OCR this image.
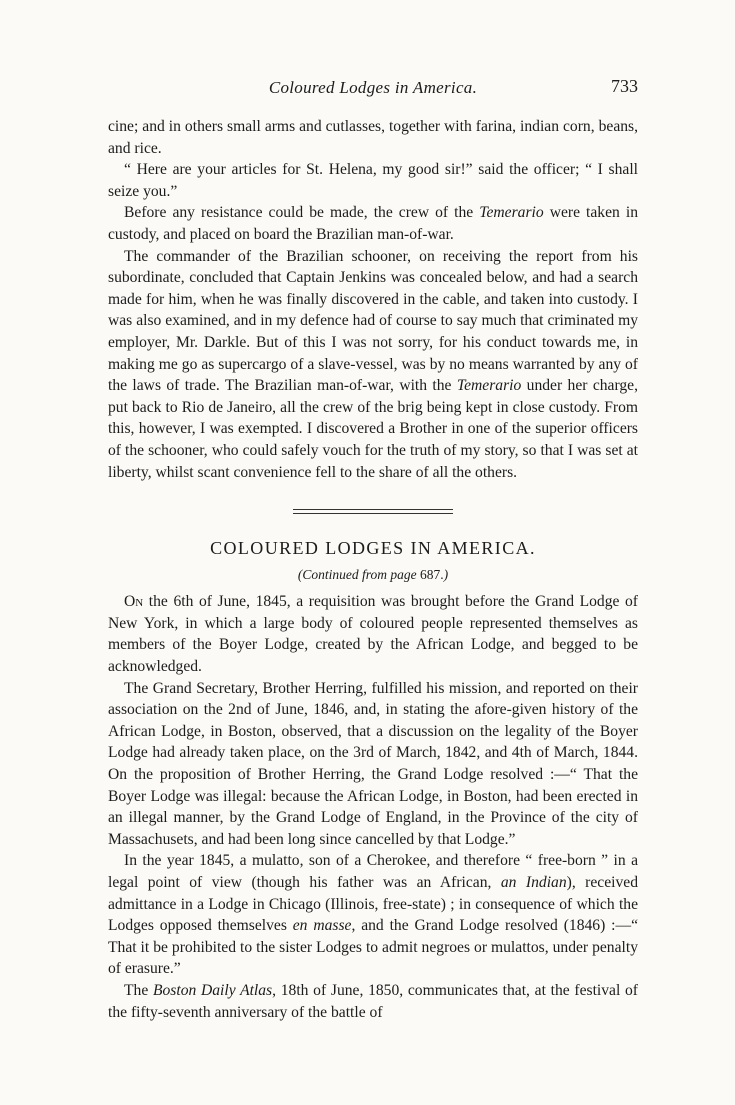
Coloured Lodges in America.	733

cine; and in others small arms and cutlasses, together with farina, indian corn, beans, and rice.

“ Here are your articles for St. Helena, my good sir!” said the officer; “ I shall seize you.”

Before any resistance could be made, the crew of the Temerario were taken in custody, and placed on board the Brazilian man-of-war.

The commander of the Brazilian schooner, on receiving the report from his subordinate, concluded that Captain Jenkins was concealed below, and had a search made for him, when he was finally discovered in the cable, and taken into custody. I was also examined, and in my defence had of course to say much that criminated my employer, Mr. Darkle. But of this I was not sorry, for his conduct towards me, in making me go as supercargo of a slave-vessel, was by no means warranted by any of the laws of trade. The Brazilian man-of-war, with the Temerario under her charge, put back to Rio de Janeiro, all the crew of the brig being kept in close custody. From this, however, I was exempted. I discovered a Brother in one of the superior officers of the schooner, who could safely vouch for the truth of my story, so that I was set at liberty, whilst scant convenience fell to the share of all the others.

COLOURED LODGES IN AMERICA.
(Continued from page 687.)

On the 6th of June, 1845, a requisition was brought before the Grand Lodge of New York, in which a large body of coloured people represented themselves as members of the Boyer Lodge, created by the African Lodge, and begged to be acknowledged.

The Grand Secretary, Brother Herring, fulfilled his mission, and reported on their association on the 2nd of June, 1846, and, in stating the afore-given history of the African Lodge, in Boston, observed, that a discussion on the legality of the Boyer Lodge had already taken place, on the 3rd of March, 1842, and 4th of March, 1844. On the proposition of Brother Herring, the Grand Lodge resolved :—“ That the Boyer Lodge was illegal: because the African Lodge, in Boston, had been erected in an illegal manner, by the Grand Lodge of England, in the Province of the city of Massachusets, and had been long since cancelled by that Lodge.”

In the year 1845, a mulatto, son of a Cherokee, and therefore “ free-born ” in a legal point of view (though his father was an African, an Indian), received admittance in a Lodge in Chicago (Illinois, free-state) ; in consequence of which the Lodges opposed themselves en masse, and the Grand Lodge resolved (1846) :—“ That it be prohibited to the sister Lodges to admit negroes or mulattos, under penalty of erasure.”

The Boston Daily Atlas, 18th of June, 1850, communicates that, at the festival of the fifty-seventh anniversary of the battle of
